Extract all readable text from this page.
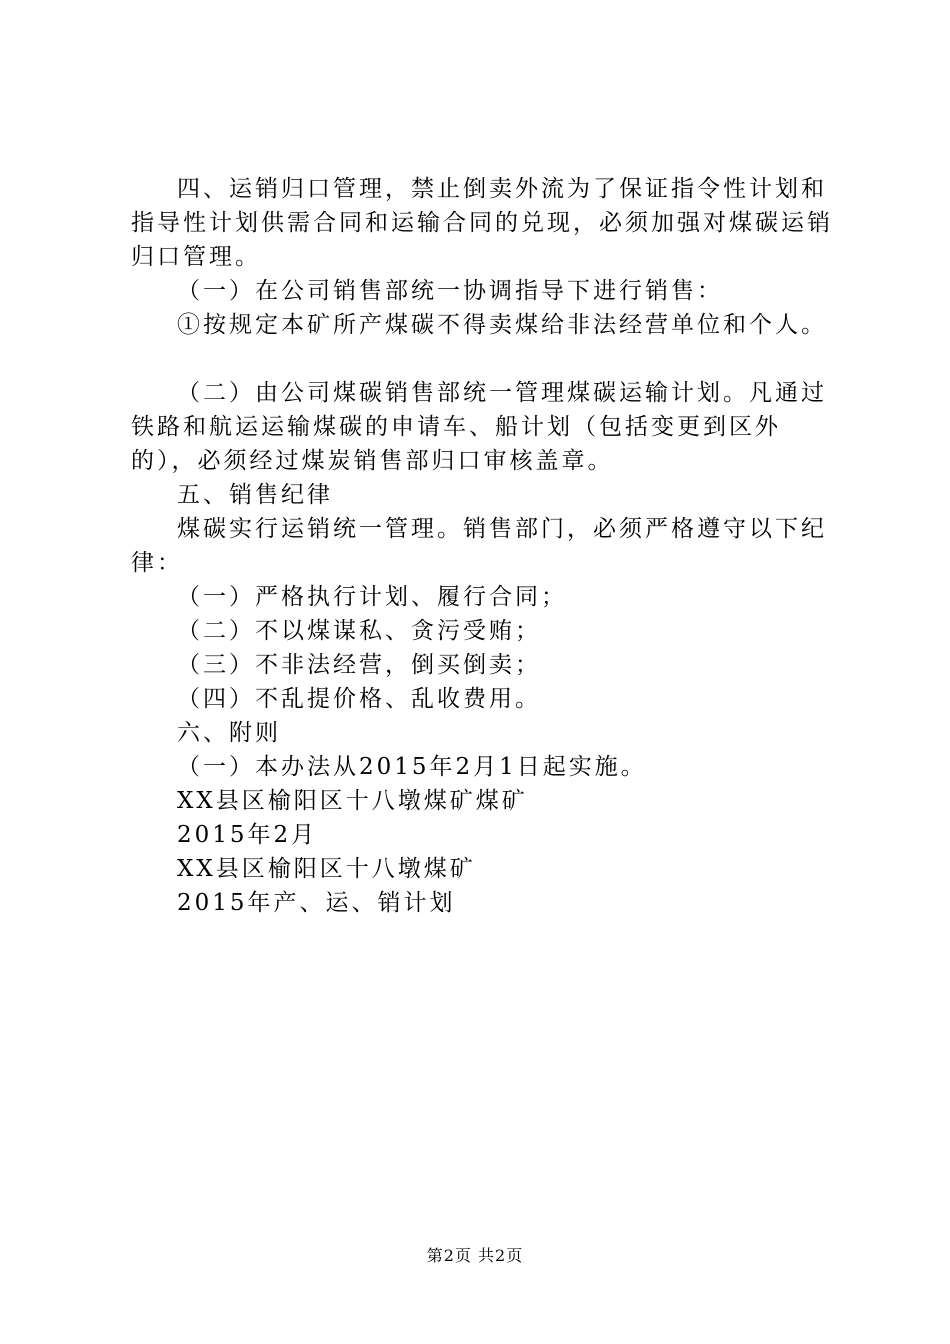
四、运销归口管理，禁止倒卖外流为了保证指令性计划和指导性计划供需合同和运输合同的兑现，必须加强对煤碳运销归口管理。

（一）在公司销售部统一协调指导下进行销售：

①按规定本矿所产煤碳不得卖煤给非法经营单位和个人。

（二）由公司煤碳销售部统一管理煤碳运输计划。凡通过铁路和航运运输煤碳的申请车、船计划（包括变更到区外的），必须经过煤炭销售部归口审核盖章。

五、销售纪律

煤碳实行运销统一管理。销售部门，必须严格遵守以下纪律：

（一）严格执行计划、履行合同；

（二）不以煤谋私、贪污受贿；

（三）不非法经营，倒买倒卖；

（四）不乱提价格、乱收费用。

六、附则

（一）本办法从2015年2月1日起实施。

XX县区榆阳区十八墩煤矿煤矿

2015年2月

XX县区榆阳区十八墩煤矿

2015年产、运、销计划

第2页 共2页
